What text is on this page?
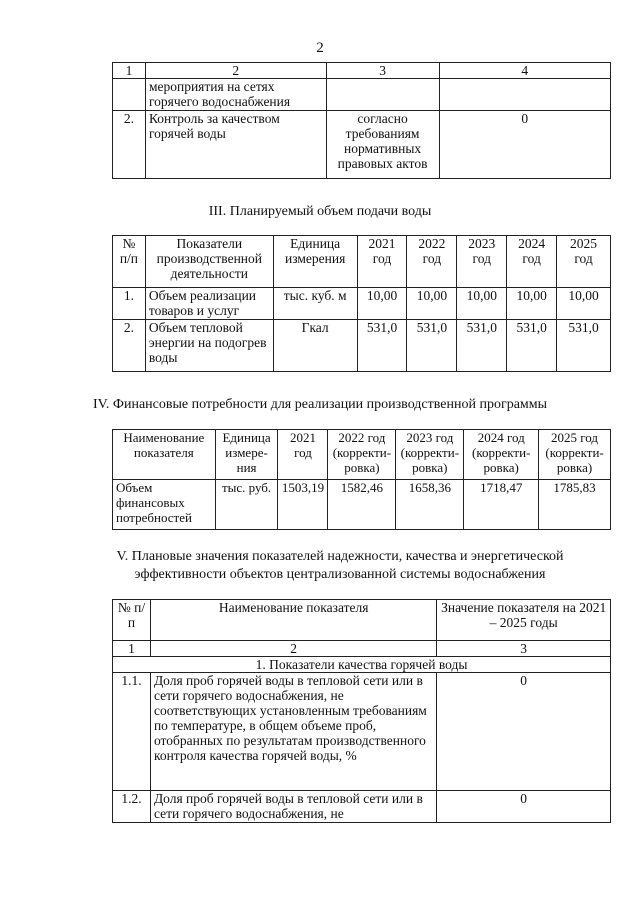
2
1	2	3	4
	мероприятия на сетях горячего водоснабжения		
2.	Контроль за качеством горячей воды	согласно требованиям нормативных правовых актов	0
III. Планируемый объем подачи воды
№ п/п	Показатели производственной деятельности	Единица измерения	2021 год	2022 год	2023 год	2024 год	2025 год
1.	Объем реализации товаров и услуг	тыс. куб. м	10,00	10,00	10,00	10,00	10,00
2.	Объем тепловой энергии на подогрев воды	Гкал	531,0	531,0	531,0	531,0	531,0
IV. Финансовые потребности для реализации производственной программы
Наименование показателя	Единица измере-ния	2021 год	2022 год (корректи-ровка)	2023 год (корректи-ровка)	2024 год (корректи-ровка)	2025 год (корректи-ровка)
Объем финансовых потребностей	тыс. руб.	1503,19	1582,46	1658,36	1718,47	1785,83
V. Плановые значения показателей надежности, качества и энергетической
эффективности объектов централизованной системы водоснабжения
№ п/п	Наименование показателя	Значение показателя на 2021 – 2025 годы
1	2	3
1. Показатели качества горячей воды		
1.1.	Доля проб горячей воды в тепловой сети или в сети горячего водоснабжения, не соответствующих установленным требованиям по температуре, в общем объеме проб, отобранных по результатам производственного контроля качества горячей воды, %	0
1.2.	Доля проб горячей воды в тепловой сети или в сети горячего водоснабжения, не	0
